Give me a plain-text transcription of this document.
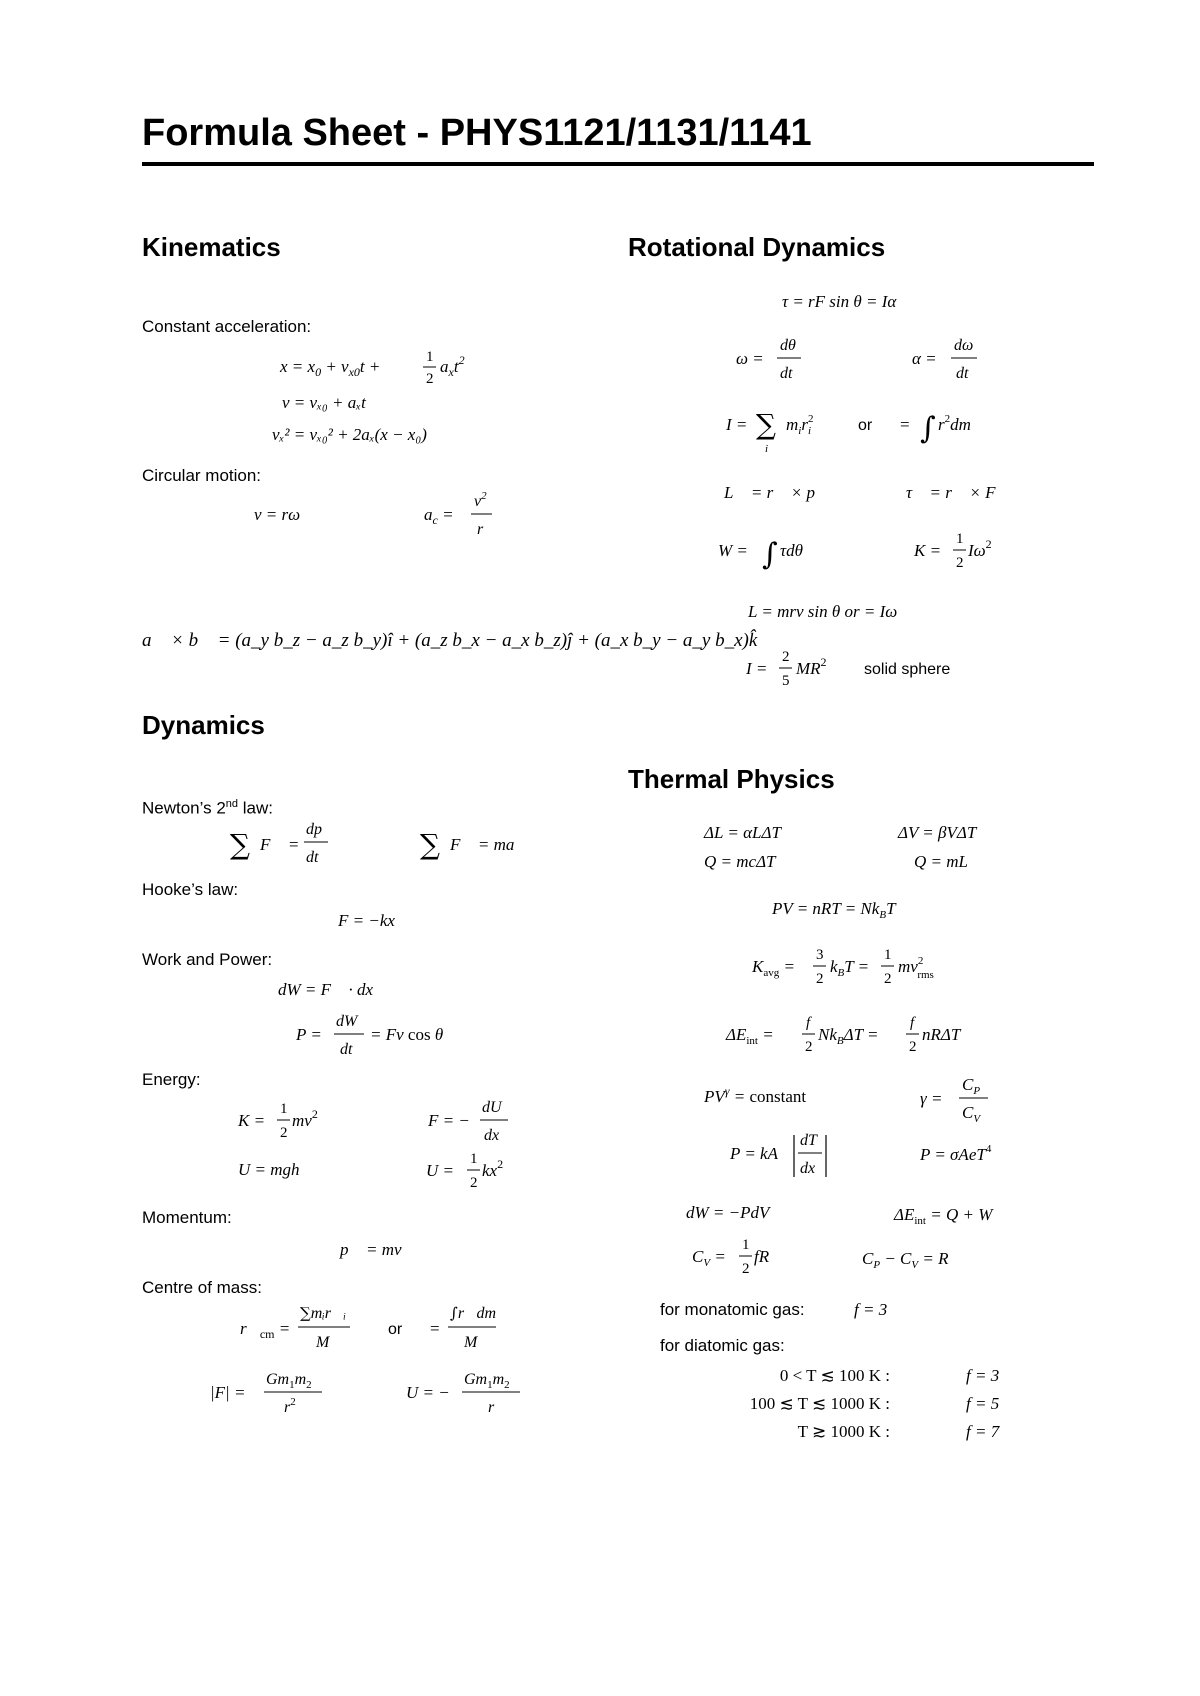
Formula Sheet - PHYS1121/1131/1141
Kinematics
Constant acceleration:
$x = x_0 + v_{x0}t$ +	1
2
$a_xt^2$
v = vₓ₀ + aₓt
vₓ² = vₓ₀² + 2aₓ(x − x₀)
Circular motion:
v = rω	$a_c$ =
$v^2$
r
a⃗ × b⃗ = (a_y b_z − a_z b_y)î + (a_z b_x − a_x b_z)ĵ + (a_x b_y − a_y b_x)k̂
Dynamics
Newton’s 2nd law:
∑ F⃗ =
dp⃗
dt	∑ F⃗ = ma⃗
Hooke’s law:
F = −kx
Work and Power:
dW = F⃗ · dx⃗
P =
dW
dt
= Fv cos θ
Energy:
K =
1
2
$mv^2$	F = −
dU
dx
U = mgh	U =
1
2
$kx^2$
Momentum:
p⃗ = mv⃗
Centre of mass:
$r⃗_{cm}$ =
∑mᵢr⃗ᵢ
M
or =
∫r⃗dm
M
|F| =
$Gm_1m_2$
$r^2$	U = −
$Gm_1m_2$
r
Rotational Dynamics
τ = rF sin θ = Iα
ω =
dθ
dt
α =
dω
dt
I = ∑
i
$m_ir_i2$	or = ∫ $r^2dm$
L⃗ = r⃗ × p⃗	τ⃗ = r⃗ × F⃗
W = ∫ τdθ	K =
1
2
$I\omega^2$
L = mrv sin θ or = Iω
I =
2
5
$MR^2$ solid sphere
Thermal Physics
ΔL = αLΔT	ΔV = βVΔT
Q = mcΔT	Q = mL
PV = nRT = $Nk_BT$
$K_{avg}$ =
3
2
$k_BT$ =
1
2
$mv^2$ rms
$\Delta E_{int}$ =
f
2
$Nk_B\Delta T$ =
f
2
nRΔT
$PV^\gamma$ = constant	γ =
$C_P$
$C_V$
P = kA
dT
dx
P = σAeT$^4$
dW = −PdV	$\Delta E_{int} = Q + W$
$C_V$ =
1
2
fR	$C_P - C_V = R$
for monatomic gas:	f = 3
for diatomic gas:
0 < T ≲ 100 K :	f = 3
100 ≲ T ≲ 1000 K :	f = 5
T ≳ 1000 K :	f = 7
